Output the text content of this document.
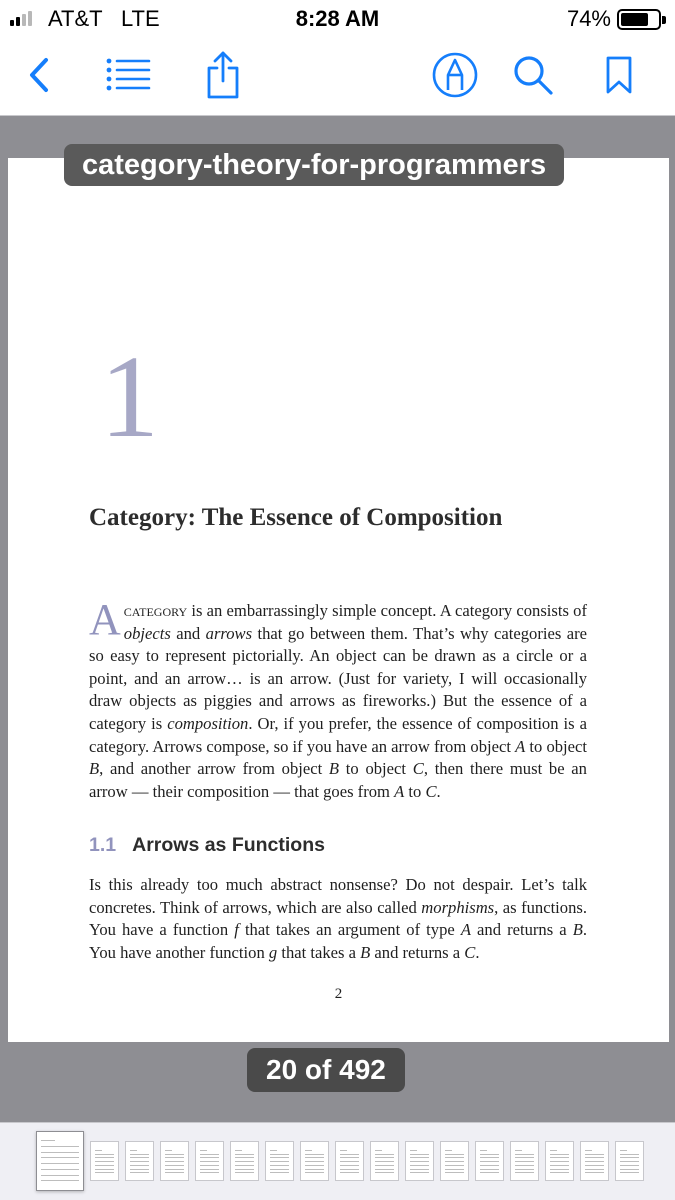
AT&T LTE	8:28 AM	74%
1
Category: The Essence of Composition
Acategory is an embarrassingly simple concept. A category consists of objects and arrows that go between them. That’s why categories are so easy to represent pictorially. An object can be drawn as a circle or a point, and an arrow… is an arrow. (Just for variety, I will occasionally draw objects as piggies and arrows as fireworks.) But the essence of a category is composition. Or, if you prefer, the essence of composition is a category. Arrows compose, so if you have an arrow from object A to object B, and another arrow from object B to object C, then there must be an arrow — their composition — that goes from A to C.
1.1 Arrows as Functions
Is this already too much abstract nonsense? Do not despair. Let’s talk concretes. Think of arrows, which are also called morphisms, as functions. You have a function f that takes an argument of type A and returns a B. You have another function g that takes a B and returns a C.
2
category-theory-for-programmers
20 of 492
